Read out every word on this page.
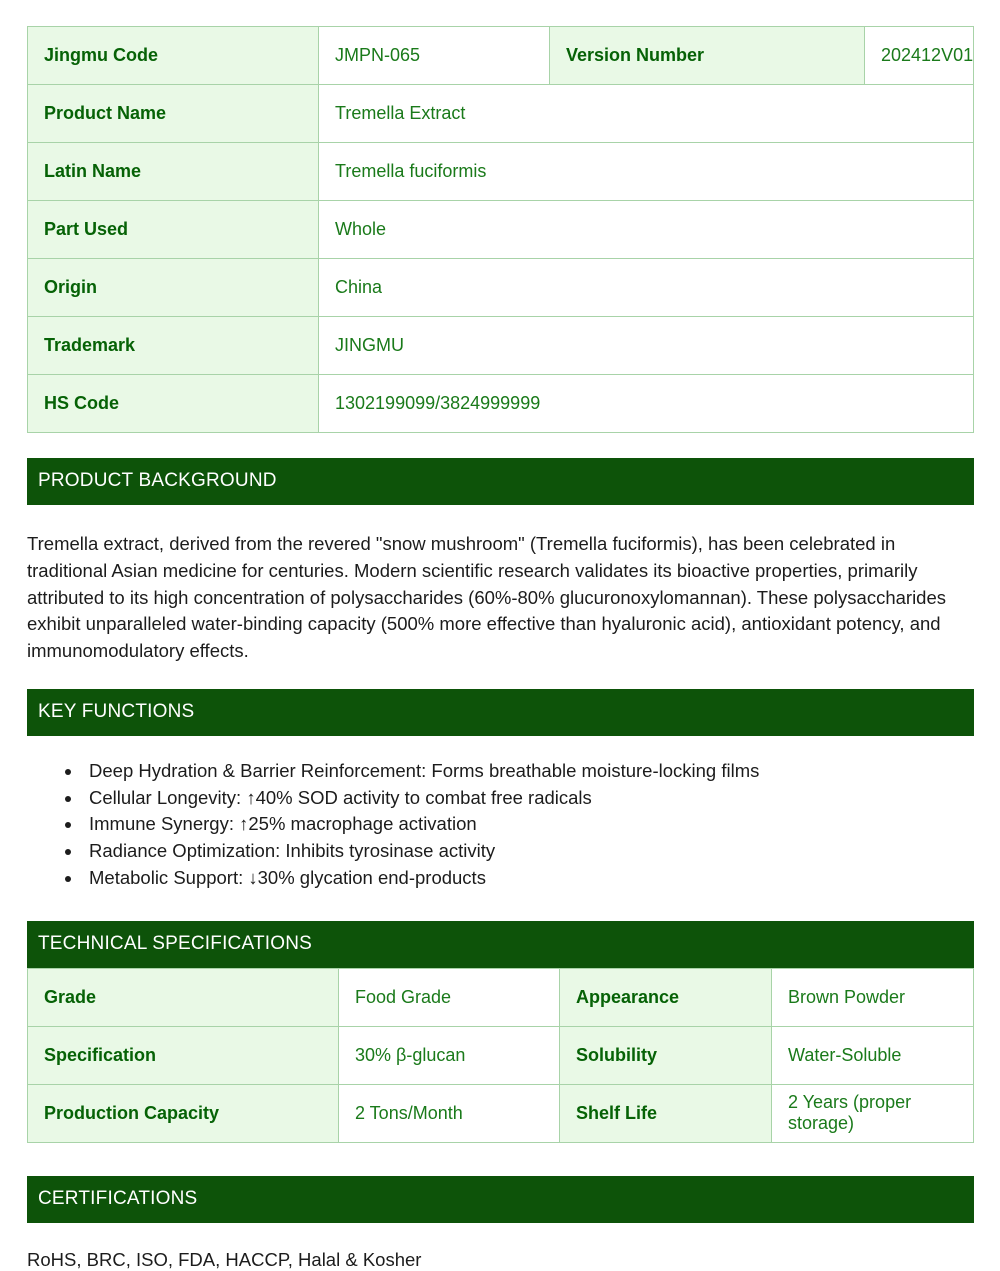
Jingmu Code	JMPN-065	Version Number	202412V01
Product Name	Tremella Extract		
Latin Name	Tremella fuciformis		
Part Used	Whole		
Origin	China		
Trademark	JINGMU		
HS Code	1302199099/3824999999		
PRODUCT BACKGROUND

Tremella extract, derived from the revered "snow mushroom" (Tremella fuciformis), has been celebrated in traditional Asian medicine for centuries. Modern scientific research validates its bioactive properties, primarily attributed to its high concentration of polysaccharides (60%-80% glucuronoxylomannan). These polysaccharides exhibit unparalleled water-binding capacity (500% more effective than hyaluronic acid), antioxidant potency, and immunomodulatory effects.

KEY FUNCTIONS
• Deep Hydration & Barrier Reinforcement: Forms breathable moisture-locking films
• Cellular Longevity: ↑40% SOD activity to combat free radicals
• Immune Synergy: ↑25% macrophage activation
• Radiance Optimization: Inhibits tyrosinase activity
• Metabolic Support: ↓30% glycation end-products
TECHNICAL SPECIFICATIONS
Grade	Food Grade	Appearance	Brown Powder
Specification	30% β-glucan	Solubility	Water-Soluble
Production Capacity	2 Tons/Month	Shelf Life	2 Years (proper storage)
CERTIFICATIONS

RoHS, BRC, ISO, FDA, HACCP, Halal & Kosher
